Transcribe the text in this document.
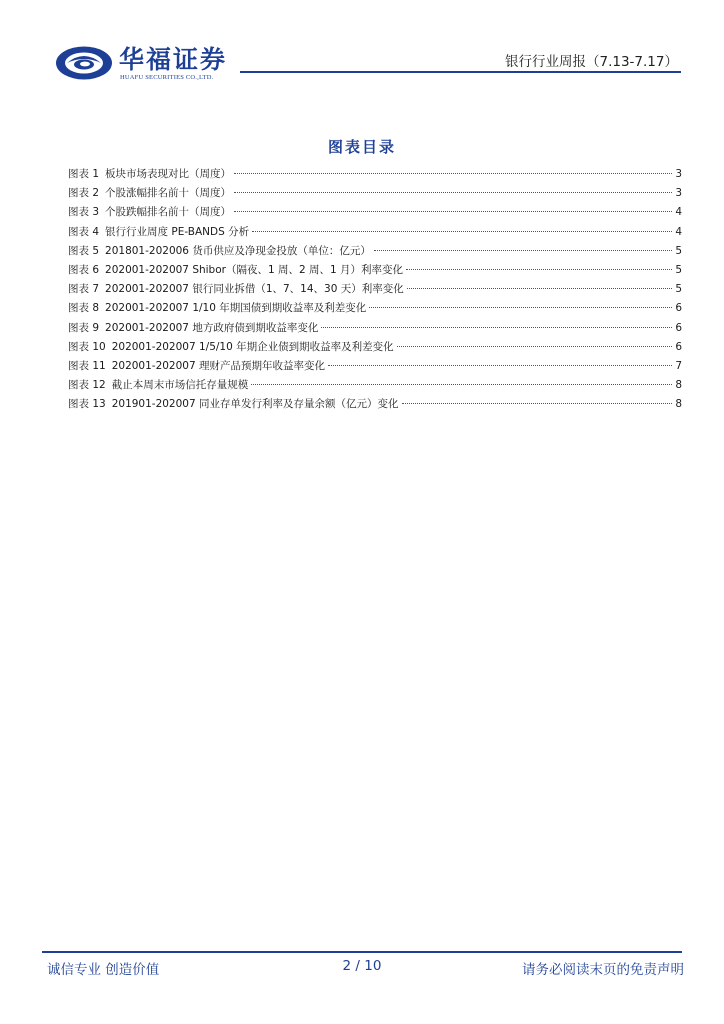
华福证券
HUAFU SECURITIES CO.,LTD.
银行行业周报（7.13-7.17）
图表目录
图表 1 板块市场表现对比（周度）	3
图表 2 个股涨幅排名前十（周度）	3
图表 3 个股跌幅排名前十（周度）	4
图表 4 银行行业周度 PE-BANDS 分析	4
图表 5 201801-202006 货币供应及净现金投放（单位：亿元）	5
图表 6 202001-202007 Shibor（隔夜、1 周、2 周、1 月）利率变化	5
图表 7 202001-202007 银行同业拆借（1、7、14、30 天）利率变化	5
图表 8 202001-202007 1/10 年期国债到期收益率及利差变化	6
图表 9 202001-202007 地方政府债到期收益率变化	6
图表 10 202001-202007 1/5/10 年期企业债到期收益率及利差变化	6
图表 11 202001-202007 理财产品预期年收益率变化	7
图表 12 截止本周末市场信托存量规模	8
图表 13 201901-202007 同业存单发行利率及存量余额（亿元）变化	8
诚信专业 创造价值	2 / 10	请务必阅读末页的免责声明
